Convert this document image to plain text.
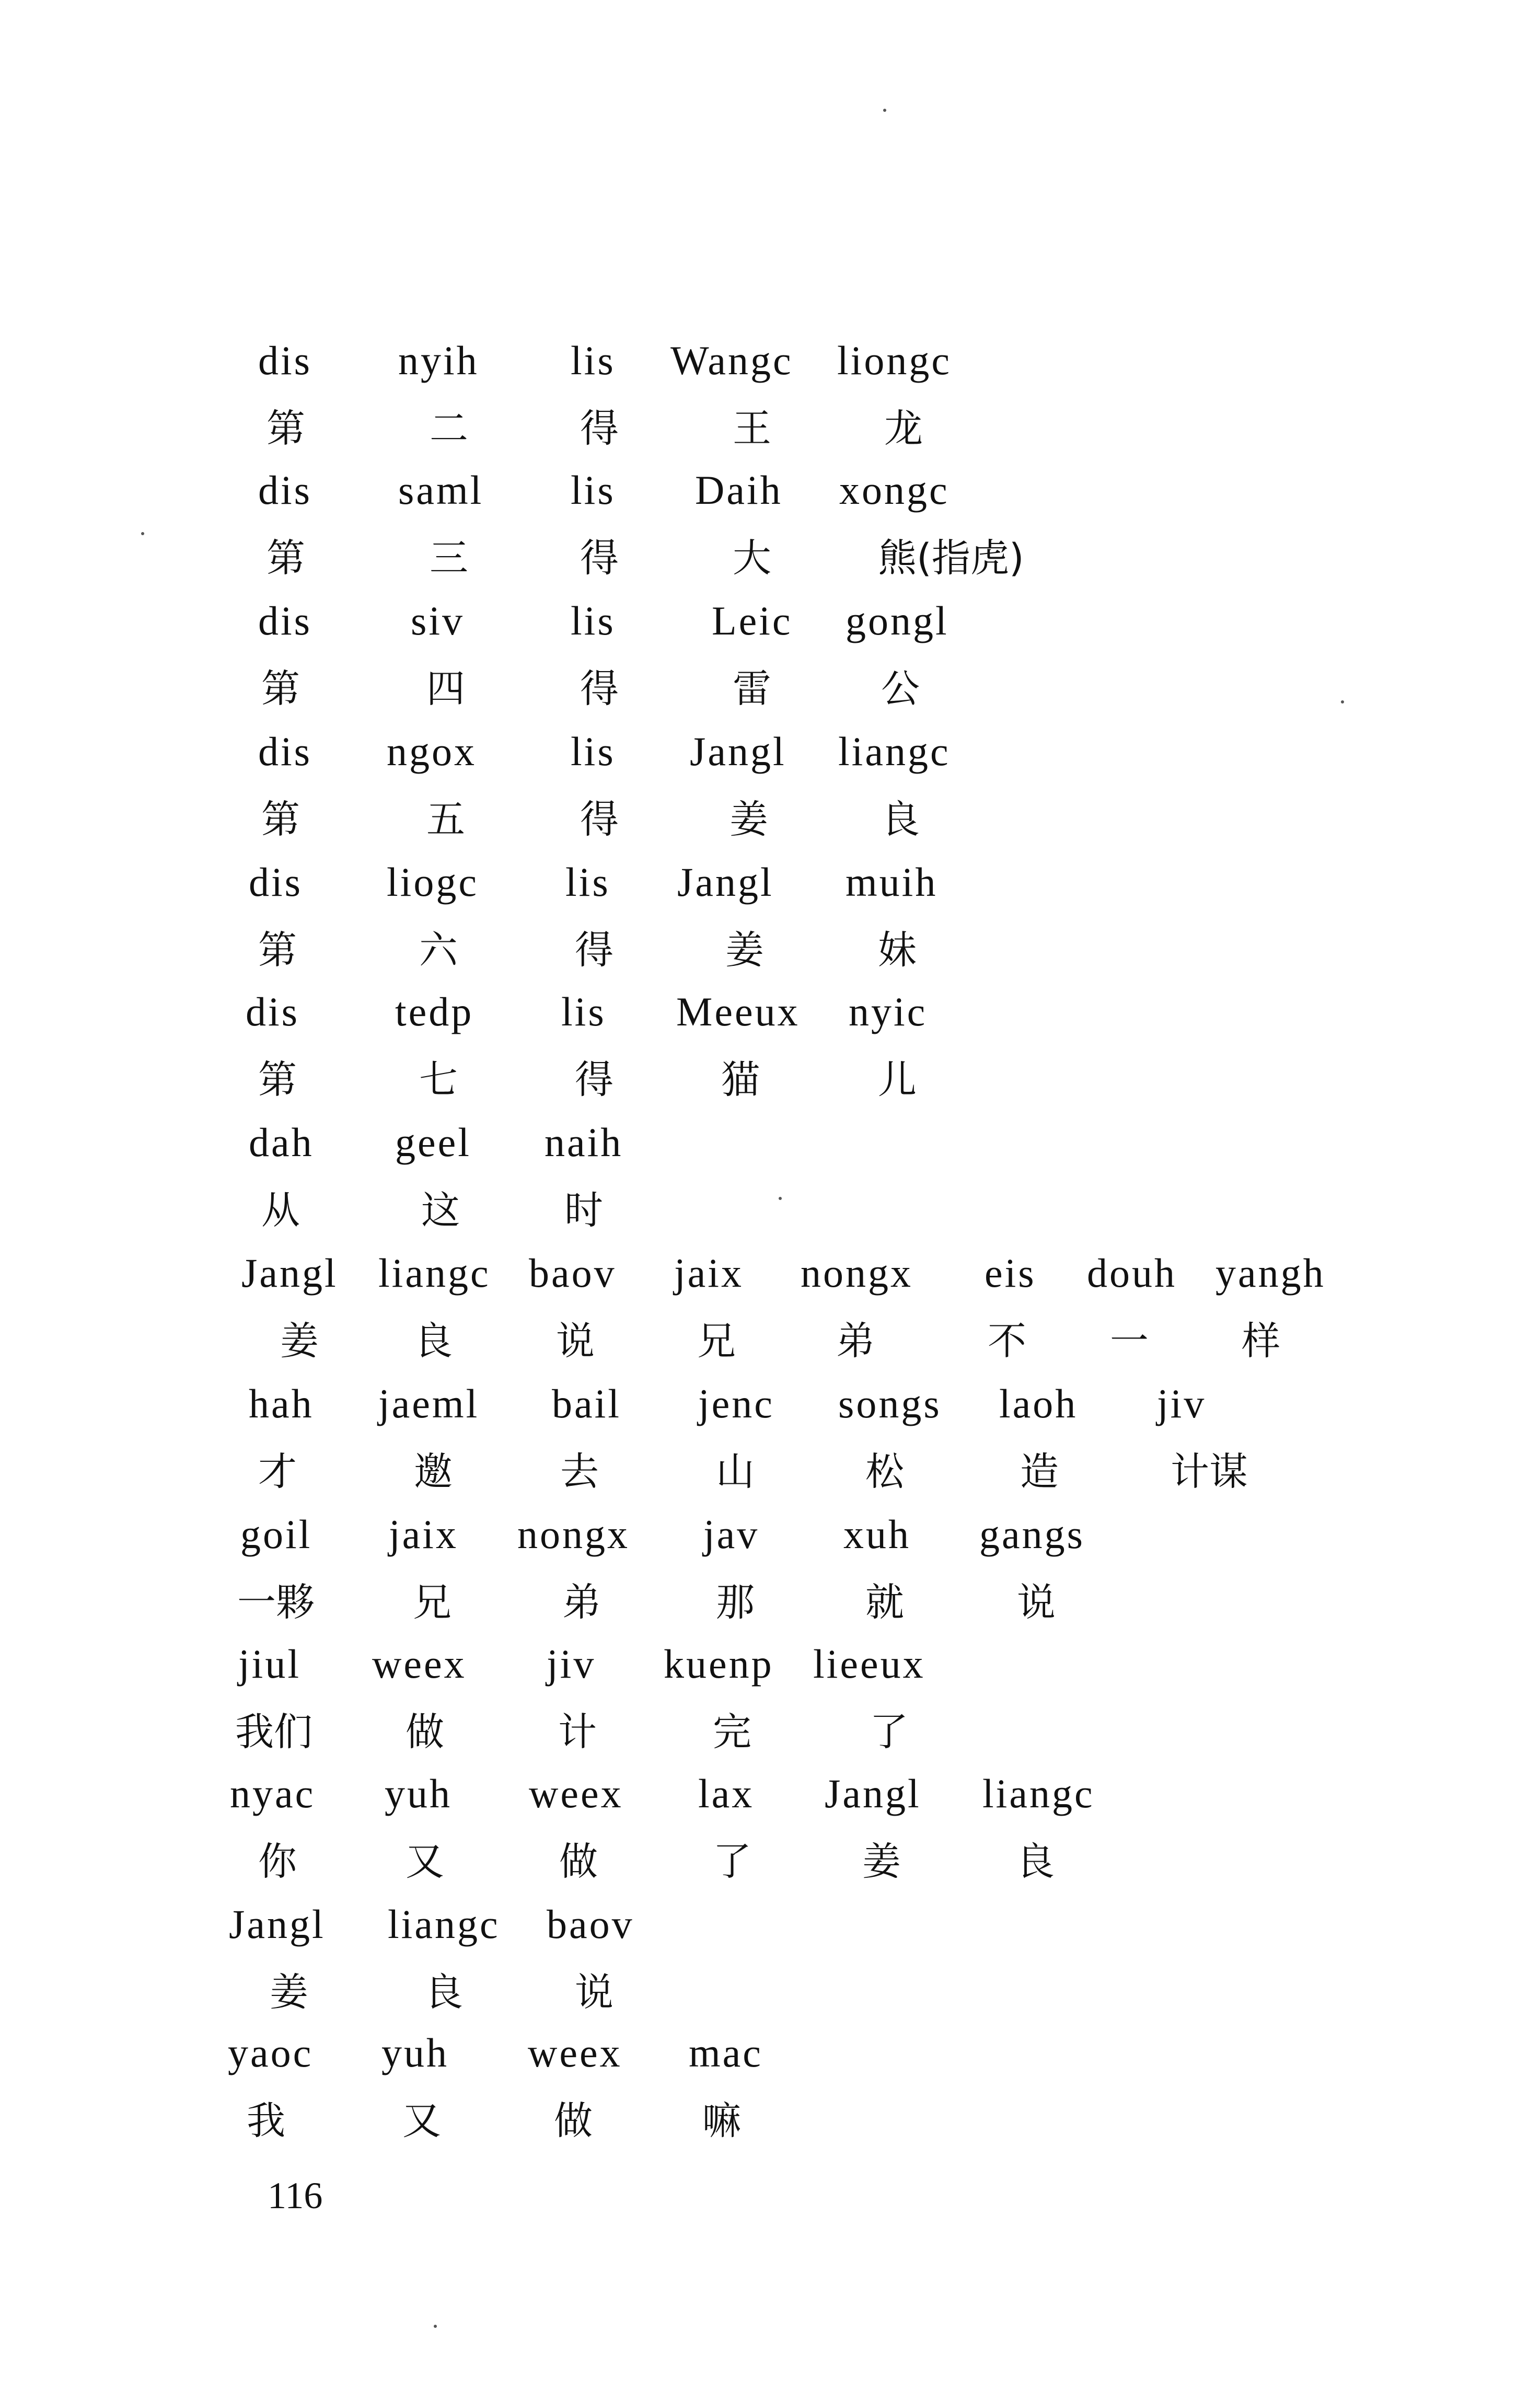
dis nyih lis Wangc liongc
第	二	得	王	龙
dis saml lis Daih xongc
第	三	得	大	熊(指虎)
dis siv	lis Leic gongl
第	四	得	雷	公
dis ngox lis Jangl liangc
第	五	得	姜	良
dis liogc lis Jangl muih
第	六	得	姜	妹
dis tedp lis Meeux nyic
第	七	得	猫	儿
dah geel naih
从	这	时
Jangl liangc baov jaix nongx eis douh yangh
姜 良	说	兄	弟	不 一 样
hah jaeml bail jenc songs laoh jiv
才	邀	去	山	松	造	计谋
goil jaix nongx jav xuh gangs
一夥	兄	弟	那	就	说
jiul weex jiv kuenp lieeux
我们 做	计	完	了
nyac yuh weex lax Jangl liangc
你	又	做	了	姜	良
Jangl liangc baov
姜	良	说
yaoc yuh weex mac
我	又	做	嘛
116
